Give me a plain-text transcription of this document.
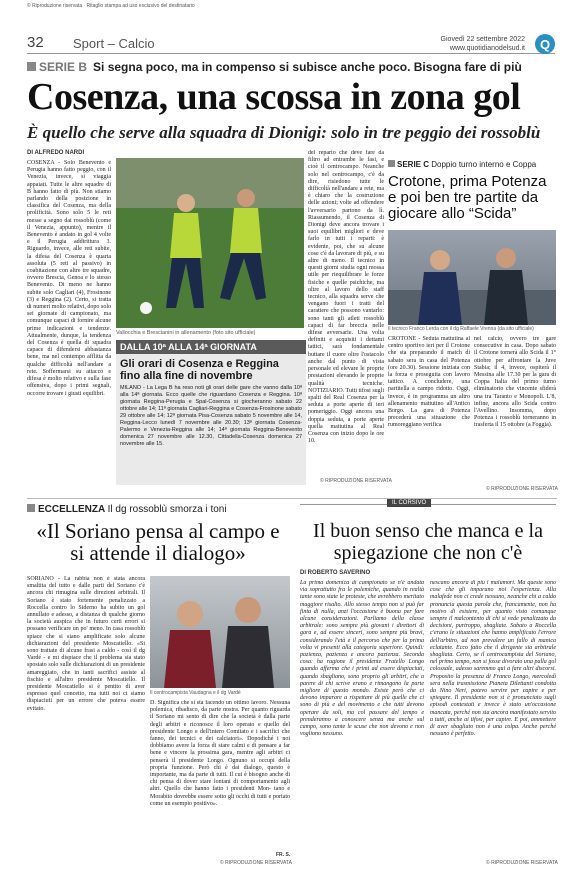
© Riproduzione riservata · Ritaglio stampa ad uso esclusivo del destinatario
32 Sport – Calcio	Giovedì 22 settembre 2022
www.quotidianodelsud.it	Q
SERIE B Si segna poco, ma in compenso si subisce anche poco. Bisogna fare di più
Cosenza, una scossa in zona gol
È quello che serve alla squadra di Dionigi: solo in tre peggio dei rossoblù
DI ALFREDO NARDI
COSENZA - Solo Benevento e Perugia hanno fatto peggio, con il Venezia, invece, si viaggia appaiati. Tutte le altre squadre di B hanno fatto di più. Non stiamo parlando della posizione in classifica del Cosenza, ma della prolificità. Sono solo 5 le reti messe a segno dai rossoblù (come il Venezia, appunto), mentre il Benevento è andato in gol 4 volte e il Perugia addirittura 3. Riguardo, invece, alle reti subite, la difesa del Cosenza è quarta assoluta (5 reti al passivo) in coabitazione con altre tre squadre, ovvero Brescia, Genoa e lo stesso Benevento. Di meno ne hanno subite solo Cagliari (4), Frosinone (3) e Reggina (2). Certo, si tratta di numeri molto relativi, dopo solo sei giornate di campionato, ma comunque capaci di fornire alcune prime indicazioni e tendenze. Attualmente, dunque, la tendenza del Cosenza è quella di squadra capace di difendersi abbastanza bene, ma nel contempo afflitta da qualche difficoltà nell'andare a rete. Soffermarsi su attacco e difesa è molto relativo e sulla fase offensiva, dopo i primi segnali, occorre trovare i giusti equilibri.
Vallocchia e Brescianini in allenamento (foto sito ufficiale)
DALLA 10ª ALLA 14ª GIORNATA
Gli orari di Cosenza e Reggina fino alla fine di novembre
MILANO - La Lega B ha reso noti gli orari delle gare che vanno dalla 10ª alla 14ª giornata. Ecco quelle che riguardano Cosenza e Reggina. 10ª giornata Reggina-Perugia e Spal-Cosenza si giocheranno sabato 22 ottobre alle 14; 11ª giornata Cagliari-Reggina e Cosenza-Frosinone sabato 29 ottobre alle 14; 12ª giornata Pisa-Cosenza sabato 5 novembre alle 14, Reggina-Lecco lunedì 7 novembre alle 20.30; 13ª giornata Cosenza-Palermo e Venezia-Reggina alle 14; 14ª giornata Reggina-Benevento domenica 27 novembre alle 12.30, Cittadella-Cosenza domenica 27 novembre alle 15.
del reparto che deve fare da filtro ad entrambe le fasi, e cioè il centrocampo. Neanche solo nel centrocampo, c'è da dire, risiedono tutte le difficoltà nell'andare a rete, ma è chiaro che la costruzione delle azioni; volte ad offendere l'avversario partono da lì. Riassumendo, il Cosenza di Dionigi deve ancora trovare i suoi equilibri migliori e deve farlo in tutti i reparti: è evidente, poi, che su alcune cose c'è da lavorare di più, e su altre di meno. Il tecnico in questi giorni studia ogni mossa utile per riequilibrare le forze fisiche e quelle psichiche, ma oltre al lavoro dello staff tecnico, alla squadra serve che vengano fuori i tratti del carattere che possono vantarlo: sono tanti gli atleti rossoblù capaci di far brecciа nelle difese avversarie. Una volta definiti e acquisiti i dettami tattici, sarà fondamentale buttare il cuore oltre l'ostacolo anche dal punto di vista personale ed elevare le proprie prestazioni elevando le proprie qualità tecniche. NOTIZIARIO. Tutti tifosi sugli spalti del Real Cosenza per la seduta a porte aperte di ieri pomeriggio. Oggi ancora una doppia seduta, a porte aperte quella mattutina al Real Cosenza con inizio dopo le ore 10.
© RIPRODUZIONE RISERVATA
SERIE C Doppio turno interno e Coppa
Crotone, prima Potenza e poi ben tre partite da giocare allo “Scida”
Il tecnico Franco Lerda con il dg Raffaele Vrenna (da sito ufficiale)
CROTONE - Seduta mattutina al centro sportivo ieri per il Crotone che sta preparando il match di sabato sera in casa del Potenza (ore 20.30). Sessione iniziata con la forza e proseguita con lavoro tattico. A concludere, una partitella a campo ridotto. Oggi, invece, è in programma un altro allenamento mattutino all'Antico Borgo. La gara di Potenza precederà una situazione che rumoreggiano verifica
nel calcio, ovvero tre gare consecutive in casa. Dopo sabato il Crotone tornerà allo Scida il 1° ottobre per affrontare la Juve Stabia; il 4, invece, ospiterà il Messina alle 17.30 per la gara di Coppa Italia del primo turno eliminatorio che vincente sfiderà una tra Taranto e Monopoli. L'8, infine, ancora allo Scida contro l'Avellino. Insomma, dopo Potenza i rossoblù torneranno in trasferta il 15 ottobre (a Foggia).
© RIPRODUZIONE RISERVATA
ECCELLENZA Il dg rossoblù smorza i toni
«Il Soriano pensa al campo e si attende il dialogo»
SORIANO - La rabbia non è stata ancora smaltita del tutto e dalle parti del Soriano c'è ancora chi rimugina sulle direzioni arbitrali. Il Soriano è stato fortemente penalizzato a Roccella contro lo Siderno ha subito un gol annullato e adesso, a distanza di qualche giorno la società auspica che in futuro certi errori si possano verificare un po' meno. In casa rossoblù spiace che si siano amplificate solo alcune dichiarazioni del presidente Moscatiello. «Si sono trattate di alcune frasi a caldo - così il dg Vardé - e mi dispiace che il problema sia stato spostato solo sulle dichiarazioni di un presidente amareggiato, che in tanti sacrifici assiste al fischio e all'altro presidente Moscatiello. Il presidente Moscatiello si è pentito di aver espresso quel concetto, ma tutti noi ci siamo dispiaciuti per un errore che poteva essere evitato.
Il centrocampista Vaudagna e il dg Vardé
D. Significa che si sta facendo un ottimo lavoro. Nessuna polemica, ribadisco, da parte nostra. Per quanto riguarda il Soriano mi sento di dire che la società è dalla parte degli arbitri e riconosce il loro operato e quello del presidente Longo e dell'intero Comitato e i sacrifici che fanno, dei tecnici e dei calciatori». Dopodiché i noi dobbiamo avere la forza di stare calmi e di pensare a far bene e vincere la prossima gara, mentre agli arbitri ci penserà il presidente Longo. Ognuno si occupi della propria funzione. Però chi è dai dialogo, questo è importante, ma da parte di tutti. Il cui è bisogno anche di chi pensa di dover stare lontani di comportamento agli altri. Quello che hanno fatto i presidenti Mon- tano e Morabito dovrebbe essere sotto gli occhi di tutti e portato come un esempio positivo».
FR. S.
© RIPRODUZIONE RISERVATA
IL CORSIVO
Il buon senso che manca e la spiegazione che non c'è
DI ROBERTO SAVERINO
La prima domenica di campionato se n'è andata via soprattutto fra le polemiche, quando in realtà tante sono state le proteste, che avrebbero meritato maggiore risalto. Allo stesso tempo non si può far finta di nulla, anzi l'occasione è buona per fare alcune considerazioni. Parliamo della classe arbitrale: sono sempre più giovani i direttori di gara e, ad essere sinceri, sono sempre più bravi, considerando l'età e il percorso che per la prima volta vi presenti alla categoria superiore. Quindi: pazienza, pazienza e ancora pazienza. Seconda cosa: ha ragione il presidente Fratello Longo quando afferma che i primi ad essere dispiaciuti, quando sbagliano, sono proprio gli arbitri, che a parere di chi scrive erano e rimangono la parte migliore di questo mondo. Esiste però che ci devono imparare a rispettare di più quelle che ci sono di più e del movimento e che tutti devono operare da soli, ma col passare del tempo e prenderanno a conoscere senza ma anche sul campo, sono tante le scuse che non devono e non vogliono nessuno.
nescano ancora di più i malumori. Ma queste sono cose che gli imparano noi l'esperienza. Alla malafede non ci crede nessuno, neanche chi a caldo pronuncia questa parola che, francamente, non ha motivo di esistere, per quanto visto comunque sempre il malcontento di chi si vede penalizzato da decisioni, purtroppo, sbagliate. Sabato a Roccella c'erano le situazioni che hanno amplificato l'errore dell'arbitro, ad non prevalere un fallo di manica eclatante. Ecco fatto che il dirigente sia arbitrale sbagliata. Certo, se il centrocampista del Soriano, nel primo tempo, non si fosse divorato una palla gol colossale, adesso saremmo qui a fare altri discorsi. Proposito la presenza di Franco Longo, mercoledì sera nella trasmissione Pianeta Dilettanti condotta da Nino Neri, potevo servire per capire e per spiegare. Il presidente non si è pronunciato sugli episodi contestati e invece è stato un'occasione mancata, perché non sia ancora manifestato servito a tutti, anche ai tifosi, per capire. E poi, ammettere di aver sbagliato non è una colpa. Anche perché nessuno è perfetto.
© RIPRODUZIONE RISERVATA
